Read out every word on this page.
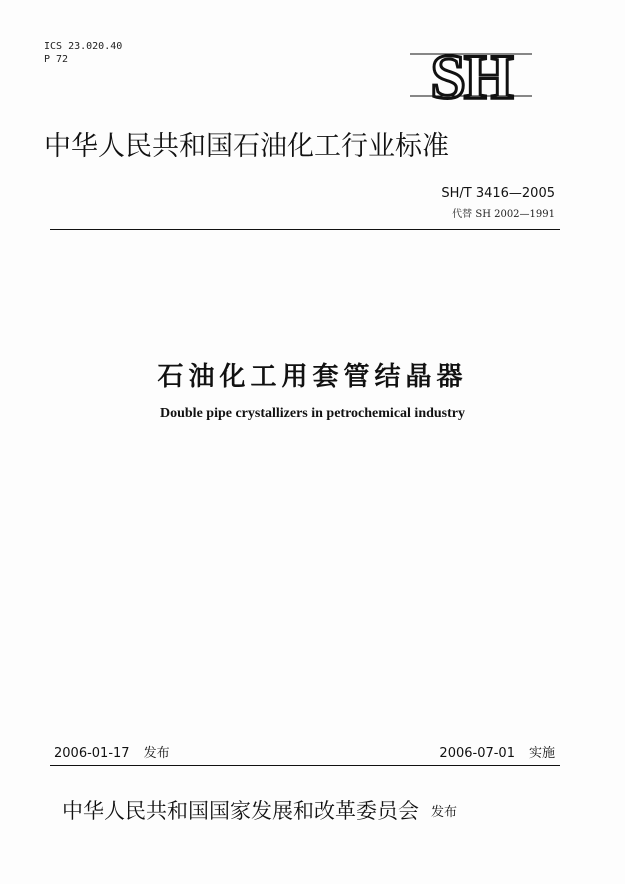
ICS 23.020.40
P 72	SH
中华人民共和国石油化工行业标准
SH/T 3416—2005
代替 SH 2002—1991
石油化工用套管结晶器
Double pipe crystallizers in petrochemical industry
2006-01-17 发布	2006-07-01 实施
中华人民共和国国家发展和改革委员会 发布
